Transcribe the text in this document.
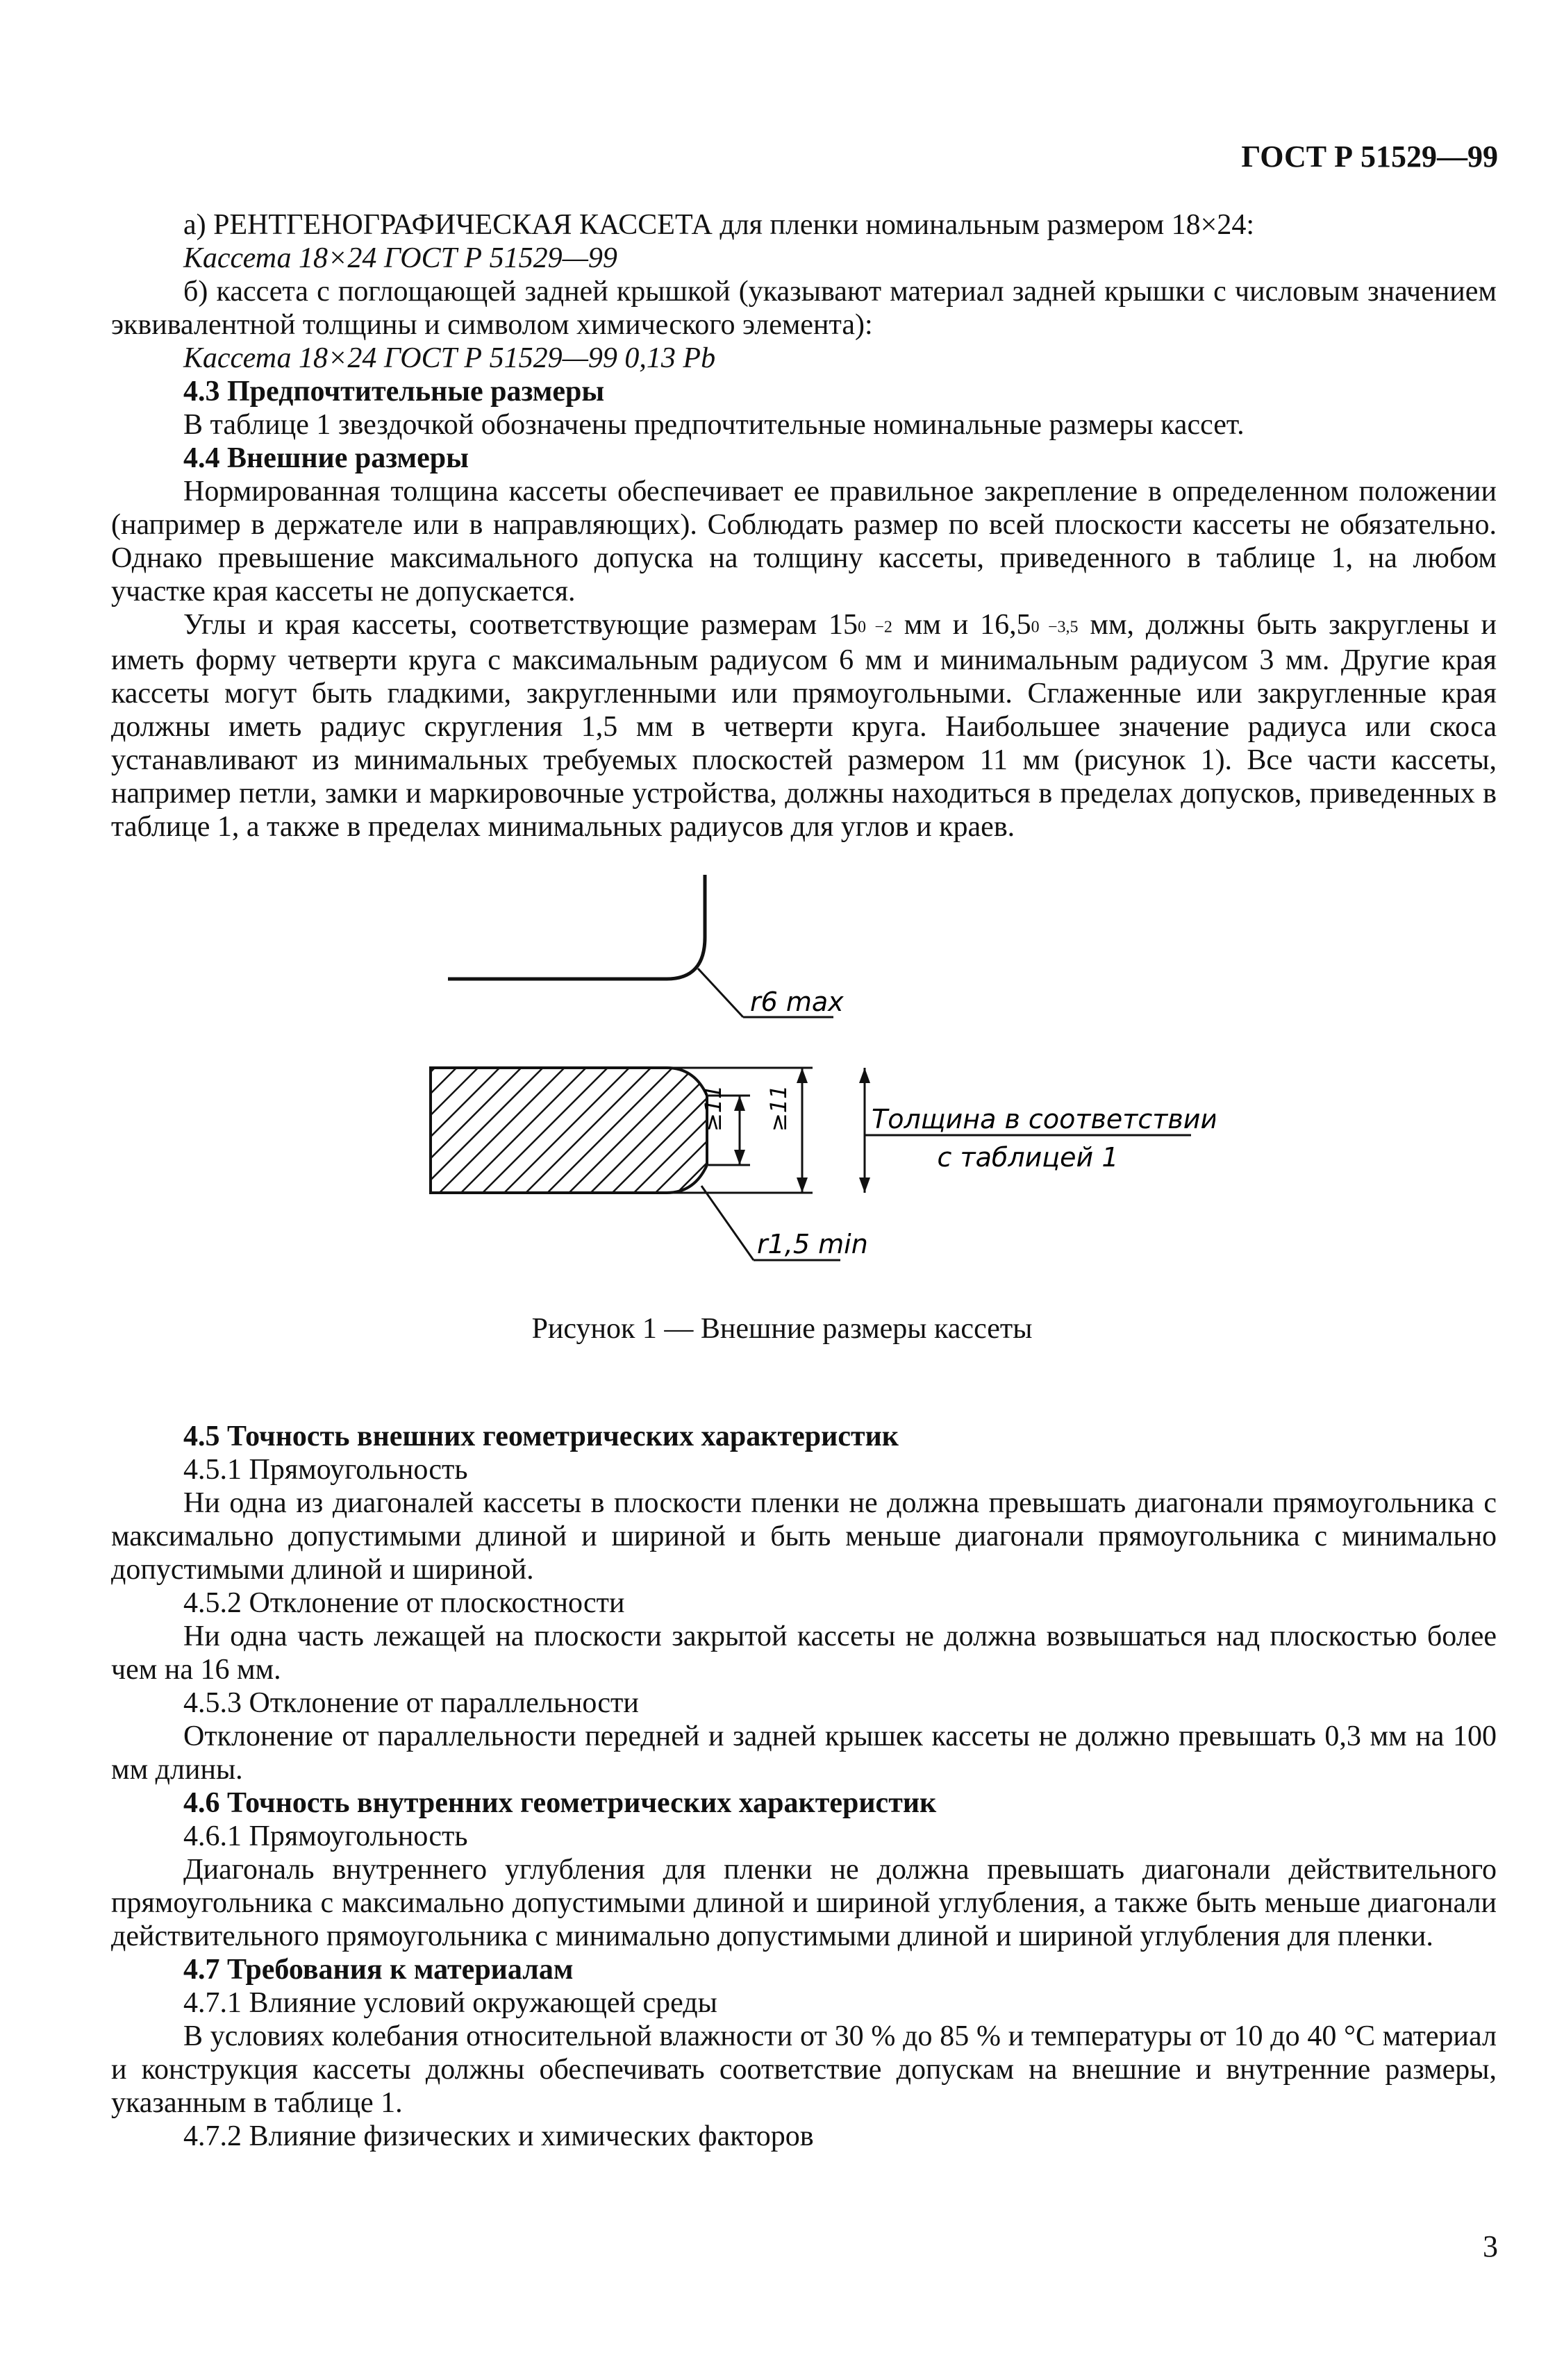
ГОСТ Р 51529—99

а) РЕНТГЕНОГРАФИЧЕСКАЯ КАССЕТА для пленки номинальным размером 18×24:

Кассета 18×24 ГОСТ Р 51529—99

б) кассета с поглощающей задней крышкой (указывают материал задней крышки с числовым значением эквивалентной толщины и символом химического элемента):

Кассета 18×24 ГОСТ Р 51529—99 0,13 Pb

4.3 Предпочтительные размеры

В таблице 1 звездочкой обозначены предпочтительные номинальные размеры кассет.

4.4 Внешние размеры

Нормированная толщина кассеты обеспечивает ее правильное закрепление в определенном положении (например в держателе или в направляющих). Соблюдать размер по всей плоскости кассеты не обязательно. Однако превышение максимального допуска на толщину кассеты, приведенного в таблице 1, на любом участке края кассеты не допускается.

Углы и края кассеты, соответствующие размерам 150 −2 мм и 16,50 −3,5 мм, должны быть закруглены и иметь форму четверти круга с максимальным радиусом 6 мм и минимальным радиусом 3 мм. Другие края кассеты могут быть гладкими, закругленными или прямоугольными. Сглаженные или закругленные края должны иметь радиус скругления 1,5 мм в четверти круга. Наибольшее значение радиуса или скоса устанавливают из минимальных требуемых плоскостей размером 11 мм (рисунок 1). Все части кассеты, например петли, замки и маркировочные устройства, должны находиться в пределах допусков, приведенных в таблице 1, а также в пределах минимальных радиусов для углов и краев.

r6 max
≥11 ≥11	Толщина в соответствии
с таблицей 1
r1,5 min
Рисунок 1 — Внешние размеры кассеты

4.5 Точность внешних геометрических характеристик

4.5.1 Прямоугольность

Ни одна из диагоналей кассеты в плоскости пленки не должна превышать диагонали прямоугольника с максимально допустимыми длиной и шириной и быть меньше диагонали прямоугольника с минимально допустимыми длиной и шириной.

4.5.2 Отклонение от плоскостности

Ни одна часть лежащей на плоскости закрытой кассеты не должна возвышаться над плоскостью более чем на 16 мм.

4.5.3 Отклонение от параллельности

Отклонение от параллельности передней и задней крышек кассеты не должно превышать 0,3 мм на 100 мм длины.

4.6 Точность внутренних геометрических характеристик

4.6.1 Прямоугольность

Диагональ внутреннего углубления для пленки не должна превышать диагонали действительного прямоугольника с максимально допустимыми длиной и шириной углубления, а также быть меньше диагонали действительного прямоугольника с минимально допустимыми длиной и шириной углубления для пленки.

4.7 Требования к материалам

4.7.1 Влияние условий окружающей среды

В условиях колебания относительной влажности от 30 % до 85 % и температуры от 10 до 40 °С материал и конструкция кассеты должны обеспечивать соответствие допускам на внешние и внутренние размеры, указанным в таблице 1.

4.7.2 Влияние физических и химических факторов

3
